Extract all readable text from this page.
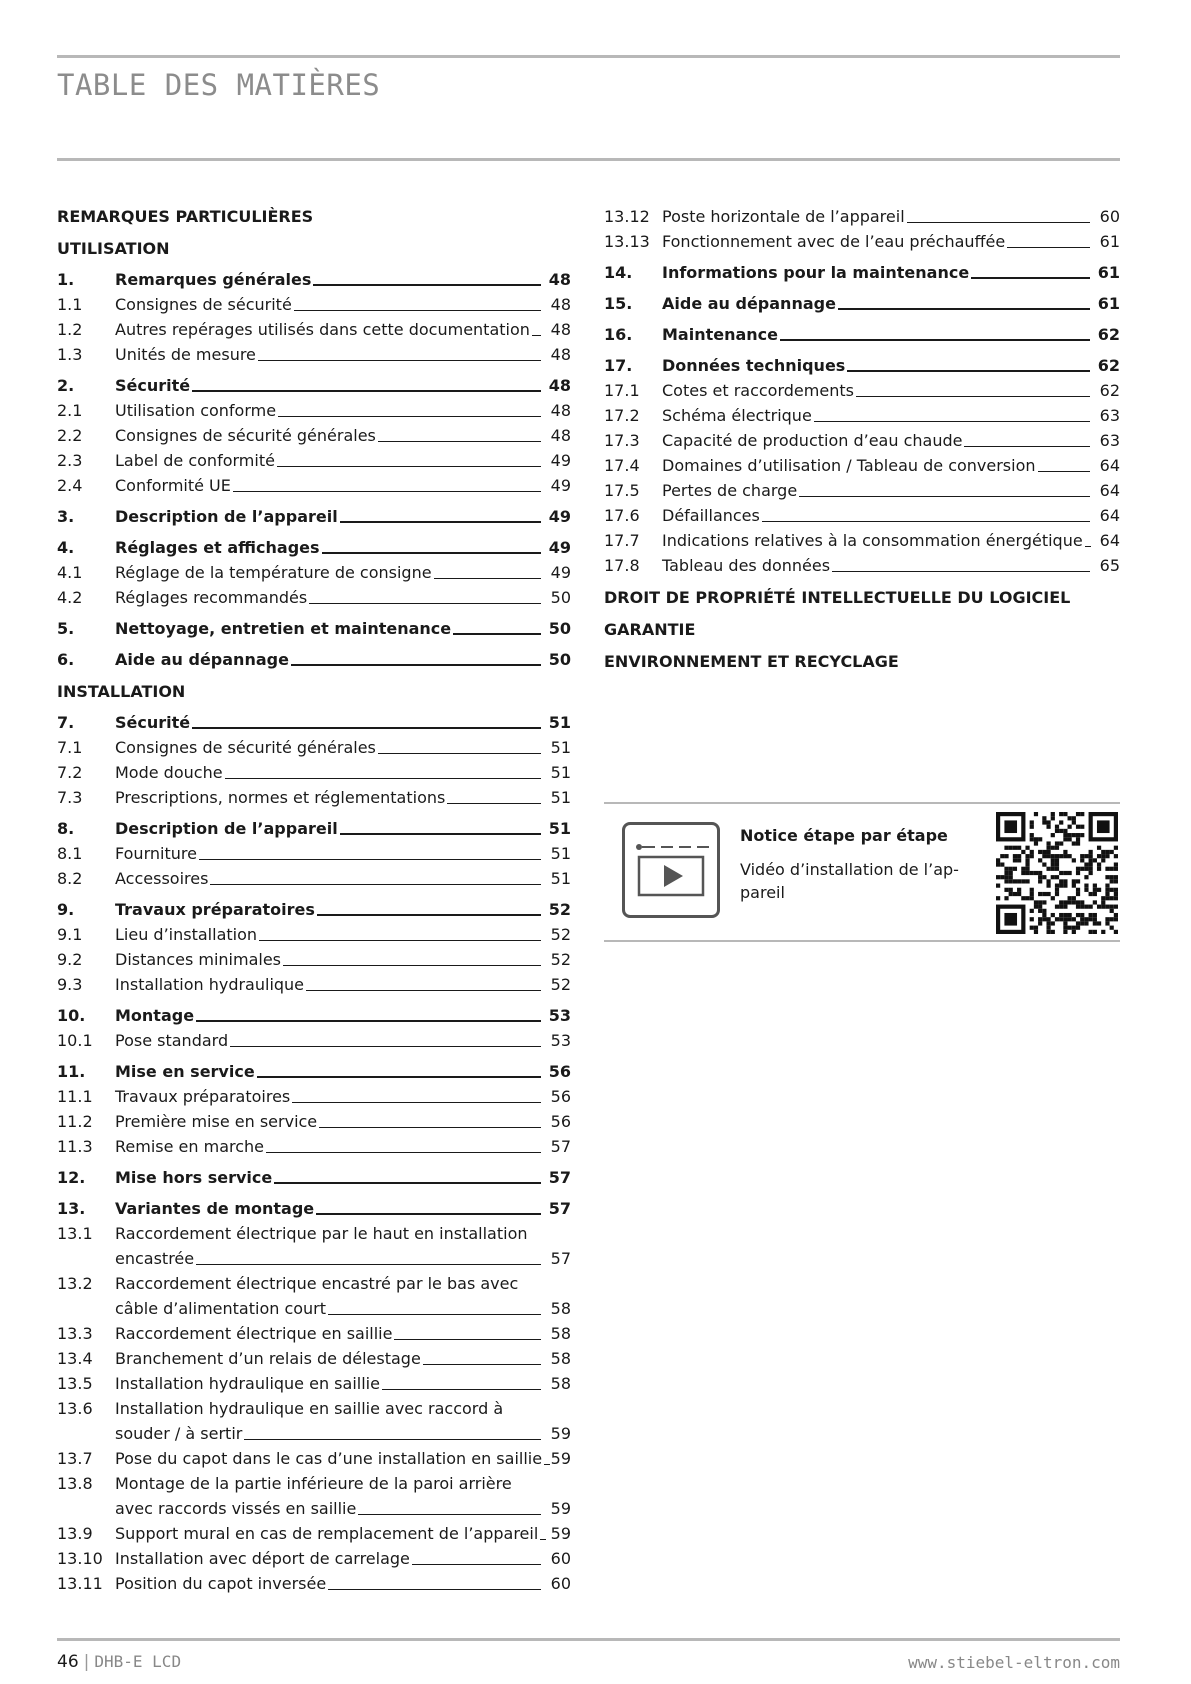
TABLE DES MATIÈRES
REMARQUES PARTICULIÈRES
UTILISATION
1.	Remarques générales	48
1.1	Consignes de sécurité	48
1.2	Autres repérages utilisés dans cette documentation	48
1.3	Unités de mesure	48
2.	Sécurité	48
2.1	Utilisation conforme	48
2.2	Consignes de sécurité générales	48
2.3	Label de conformité	49
2.4	Conformité UE	49
3.	Description de l’appareil	49
4.	Réglages et affichages	49
4.1	Réglage de la température de consigne	49
4.2	Réglages recommandés	50
5.	Nettoyage, entretien et maintenance	50
6.	Aide au dépannage	50
INSTALLATION
7.	Sécurité	51
7.1	Consignes de sécurité générales	51
7.2	Mode douche	51
7.3	Prescriptions, normes et réglementations	51
8.	Description de l’appareil	51
8.1	Fourniture	51
8.2	Accessoires	51
9.	Travaux préparatoires	52
9.1	Lieu d’installation	52
9.2	Distances minimales	52
9.3	Installation hydraulique	52
10.	Montage	53
10.1	Pose standard	53
11.	Mise en service	56
11.1	Travaux préparatoires	56
11.2	Première mise en service	56
11.3	Remise en marche	57
12.	Mise hors service	57
13.	Variantes de montage	57
13.1	Raccordement électrique par le haut en installation
encastrée	57
13.2	Raccordement électrique encastré par le bas avec
câble d’alimentation court	58
13.3	Raccordement électrique en saillie	58
13.4	Branchement d’un relais de délestage	58
13.5	Installation hydraulique en saillie	58
13.6	Installation hydraulique en saillie avec raccord à
souder / à sertir	59
13.7	Pose du capot dans le cas d’une installation en saillie 59
13.8	Montage de la partie inférieure de la paroi arrière
avec raccords vissés en saillie	59
13.9	Support mural en cas de remplacement de l’appareil 59
13.10 Installation avec déport de carrelage	60
13.11 Position du capot inversée	60
13.12 Poste horizontale de l’appareil	60
13.13 Fonctionnement avec de l’eau préchauffée	61
14.	Informations pour la maintenance	61
15.	Aide au dépannage	61
16.	Maintenance	62
17.	Données techniques	62
17.1	Cotes et raccordements	62
17.2	Schéma électrique	63
17.3	Capacité de production d’eau chaude	63
17.4	Domaines d’utilisation / Tableau de conversion	64
17.5	Pertes de charge	64
17.6	Défaillances	64
17.7	Indications relatives à la consommation énergétique	64
17.8	Tableau des données	65
DROIT DE PROPRIÉTÉ INTELLECTUELLE DU LOGICIEL
GARANTIE
ENVIRONNEMENT ET RECYCLAGE
Notice étape par étape
Vidéo d’installation de l’ap- pareil
46 | DHB-E LCD	www.stiebel-eltron.com
